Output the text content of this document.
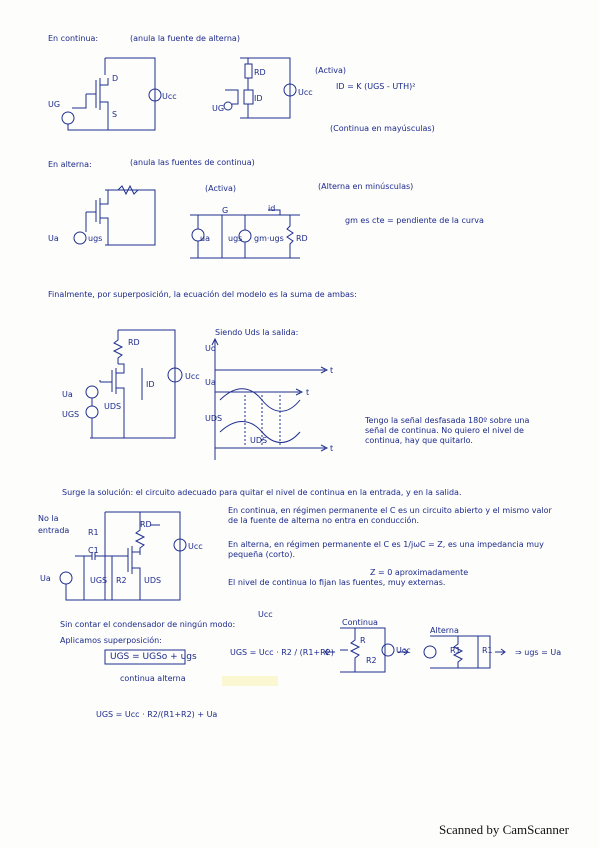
En continua:	(anula la fuente de alterna)
(Activa)
ID = K (UGS - UTH)²
(Continua en mayúsculas)
UG
D
S
Ucc
RD
ID
Ucc
UG
En alterna:	(anula las fuentes de continua)
(Activa)	(Alterna en minúsculas)
gm es cte = pendiente de la curva
Ua	ugs	ua ugs gm·ugs RD
id
G
Finalmente, por superposición, la ecuación del modelo es la suma de ambas:
Siendo Uds la salida:
Uo
Ua
UDS
t
t
t
UDS
Tengo la señal desfasada 180º sobre una señal de continua. No quiero el nivel de continua, hay que quitarlo.
RD
Ucc
Ua
UGS
ID
UDS
Surge la solución: el circuito adecuado para quitar el nivel de continua en la entrada, y en la salida.
No la
entrada
En continua, en régimen permanente el C es un circuito abierto y el mismo valor de la fuente de alterna no entra en conducción.
En alterna, en régimen permanente el C es 1/jωC = Z, es una impedancia muy pequeña (corto).
Z = 0 aproximadamente
El nivel de continua lo fijan las fuentes, muy externas.
R1
RD
Ucc
C1
Ua	UGS R2 UDS
Sin contar el condensador de ningún modo:
Aplicamos superposición:
UGS = UGSo + ugs
continua alterna
UGS = Ucc · R2 / (R1+R2)
Continua
Alterna
⇒ ugs = Ua
UGS = Ucc · R2/(R1+R2) + Ua
Ucc
R
R2
Ucc	R1	R1
Scanned by CamScanner
